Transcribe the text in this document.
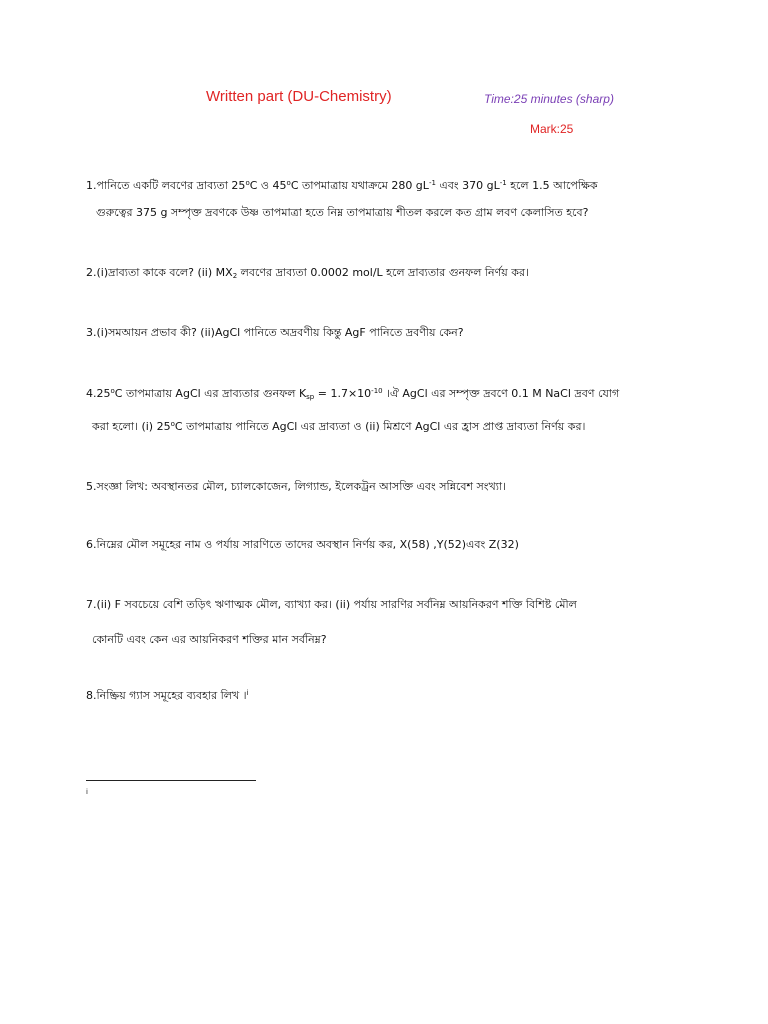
Written part (DU-Chemistry)	Time:25 minutes (sharp)
Mark:25
1.পানিতে একটি লবণের দ্রাব্যতা 25$^o$C ও 45$^o$C তাপমাত্রায় যথাক্রমে 280 $gL^{-1}$ এবং 370 $gL^{-1}$ হলে 1.5 আপেক্ষিক
গুরুত্বের 375 g সম্পৃক্ত দ্রবণকে উষ্ণ তাপমাত্রা হতে নিম্ন তাপমাত্রায় শীতল করলে কত গ্রাম লবণ কেলাসিত হবে?
2.(i)দ্রাব্যতা কাকে বলে? (ii) $MX_2$ লবণের দ্রাব্যতা 0.0002 mol/L হলে দ্রাব্যতার গুনফল নির্ণয় কর।
3.(i)সমআয়ন প্রভাব কী? (ii)AgCl পানিতে অদ্রবণীয় কিন্তু AgF পানিতে দ্রবণীয় কেন?
4.25$^o$C তাপমাত্রায় AgCl এর দ্রাব্যতার গুনফল $K_{sp} = 1.7\times 10^{-10}$ ।ঐ AgCl এর সম্পৃক্ত দ্রবণে 0.1 M NaCl দ্রবণ যোগ
করা হলো। (i) 25$^o$C তাপমাত্রায় পানিতে AgCl এর দ্রাব্যতা ও (ii) মিশ্রণে AgCl এর হ্রাস প্রাপ্ত দ্রাব্যতা নির্ণয় কর।
5.সংজ্ঞা লিখ: অবস্থানতর মৌল, চ্যালকোজেন, লিগ্যান্ড, ইলেকট্রন আসক্তি এবং সন্নিবেশ সংখ্যা।
6.নিম্নের মৌল সমূহের নাম ও পর্যায় সারণিতে তাদের অবস্থান নির্ণয় কর, X(58) ,Y(52)এবং Z(32)
7.(ii) F সবচেয়ে বেশি তড়িৎ ঋণাত্মক মৌল, ব্যাখ্যা কর। (ii) পর্যায় সারণির সর্বনিম্ন আয়নিকরণ শক্তি বিশিষ্ট মৌল
কোনটি এবং কেন এর আয়নিকরণ শক্তির মান সর্বনিম্ন?
8.নিষ্ক্রিয় গ্যাস সমূহের ব্যবহার লিখ ।$^i$
i
